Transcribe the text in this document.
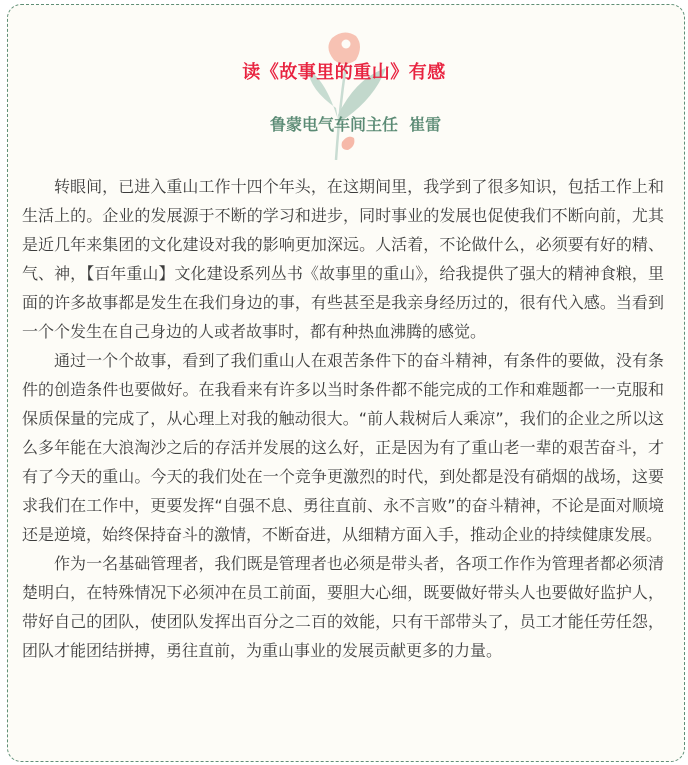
读《故事里的重山》有感
鲁蒙电气车间主任  崔雷

转眼间，已进入重山工作十四个年头，在这期间里，我学到了很多知识，包括工作上和生活上的。企业的发展源于不断的学习和进步，同时事业的发展也促使我们不断向前，尤其是近几年来集团的文化建设对我的影响更加深远。人活着，不论做什么，必须要有好的精、气、神，【百年重山】文化建设系列丛书《故事里的重山》，给我提供了强大的精神食粮，里面的许多故事都是发生在我们身边的事，有些甚至是我亲身经历过的，很有代入感。当看到一个个发生在自己身边的人或者故事时，都有种热血沸腾的感觉。

通过一个个故事，看到了我们重山人在艰苦条件下的奋斗精神，有条件的要做，没有条件的创造条件也要做好。在我看来有许多以当时条件都不能完成的工作和难题都一一克服和保质保量的完成了，从心理上对我的触动很大。“前人栽树后人乘凉”，我们的企业之所以这么多年能在大浪淘沙之后的存活并发展的这么好，正是因为有了重山老一辈的艰苦奋斗，才有了今天的重山。今天的我们处在一个竞争更激烈的时代，到处都是没有硝烟的战场，这要求我们在工作中，更要发挥“自强不息、勇往直前、永不言败”的奋斗精神，不论是面对顺境还是逆境，始终保持奋斗的激情，不断奋进，从细精方面入手，推动企业的持续健康发展。

作为一名基础管理者，我们既是管理者也必须是带头者，各项工作作为管理者都必须清楚明白，在特殊情况下必须冲在员工前面，要胆大心细，既要做好带头人也要做好监护人，带好自己的团队，使团队发挥出百分之二百的效能，只有干部带头了，员工才能任劳任怨，团队才能团结拼搏，勇往直前，为重山事业的发展贡献更多的力量。
